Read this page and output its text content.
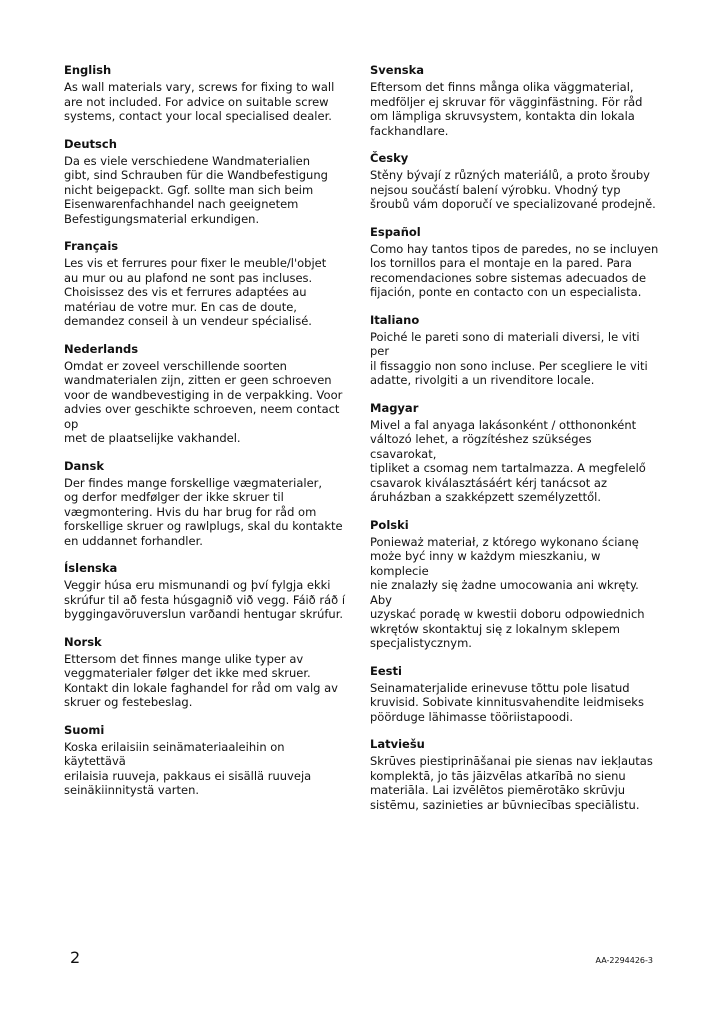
English

As wall materials vary, screws for fixing to wall
are not included. For advice on suitable screw
systems, contact your local specialised dealer.

Deutsch

Da es viele verschiedene Wandmaterialien
gibt, sind Schrauben für die Wandbefestigung
nicht beigepackt. Ggf. sollte man sich beim
Eisenwarenfachhandel nach geeignetem
Befestigungsmaterial erkundigen.

Français

Les vis et ferrures pour fixer le meuble/l'objet
au mur ou au plafond ne sont pas incluses.
Choisissez des vis et ferrures adaptées au
matériau de votre mur. En cas de doute,
demandez conseil à un vendeur spécialisé.

Nederlands

Omdat er zoveel verschillende soorten
wandmaterialen zijn, zitten er geen schroeven
voor de wandbevestiging in de verpakking. Voor
advies over geschikte schroeven, neem contact op
met de plaatselijke vakhandel.

Dansk

Der findes mange forskellige vægmaterialer,
og derfor medfølger der ikke skruer til
vægmontering. Hvis du har brug for råd om
forskellige skruer og rawlplugs, skal du kontakte
en uddannet forhandler.

Íslenska

Veggir húsa eru mismunandi og því fylgja ekki
skrúfur til að festa húsgagnið við vegg. Fáið ráð í
byggingavöruverslun varðandi hentugar skrúfur.

Norsk

Ettersom det finnes mange ulike typer av
veggmaterialer følger det ikke med skruer.
Kontakt din lokale faghandel for råd om valg av
skruer og festebeslag.

Suomi

Koska erilaisiin seinämateriaaleihin on käytettävä
erilaisia ruuveja, pakkaus ei sisällä ruuveja
seinäkiinnitystä varten.

Svenska

Eftersom det finns många olika väggmaterial,
medföljer ej skruvar för vägginfästning. För råd
om lämpliga skruvsystem, kontakta din lokala
fackhandlare.

Česky

Stěny bývají z různých materiálů, a proto šrouby
nejsou součástí balení výrobku. Vhodný typ
šroubů vám doporučí ve specializované prodejně.

Español

Como hay tantos tipos de paredes, no se incluyen
los tornillos para el montaje en la pared. Para
recomendaciones sobre sistemas adecuados de
fijación, ponte en contacto con un especialista.

Italiano

Poiché le pareti sono di materiali diversi, le viti per
il fissaggio non sono incluse. Per scegliere le viti
adatte, rivolgiti a un rivenditore locale.

Magyar

Mivel a fal anyaga lakásonként / otthononként
változó lehet, a rögzítéshez szükséges csavarokat,
tipliket a csomag nem tartalmazza. A megfelelő
csavarok kiválasztásáért kérj tanácsot az
áruházban a szakképzett személyzettől.

Polski

Ponieważ materiał, z którego wykonano ścianę
może być inny w każdym mieszkaniu, w komplecie
nie znalazły się żadne umocowania ani wkręty. Aby
uzyskać poradę w kwestii doboru odpowiednich
wkrętów skontaktuj się z lokalnym sklepem
specjalistycznym.

Eesti

Seinamaterjalide erinevuse tõttu pole lisatud
kruvisid. Sobivate kinnitusvahendite leidmiseks
pöörduge lähimasse tööriistapoodi.

Latviešu

Skrūves piestiprināšanai pie sienas nav iekļautas
komplektā, jo tās jāizvēlas atkarībā no sienu
materiāla. Lai izvēlētos piemērotāko skrūvju
sistēmu, sazinieties ar būvniecības speciālistu.

2	AA-2294426-3
